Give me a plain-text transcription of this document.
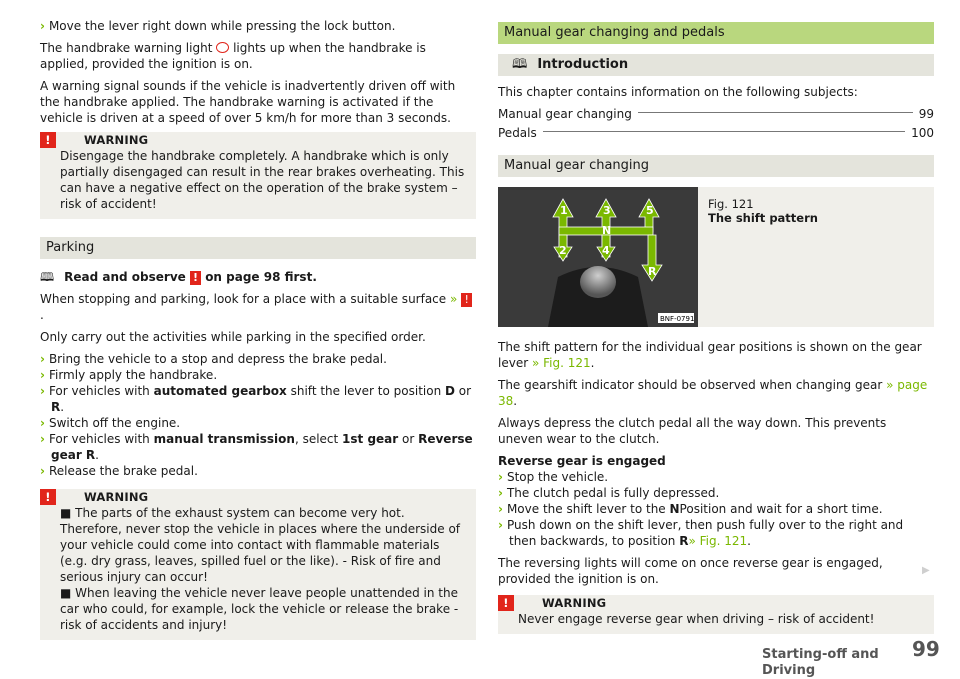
› Move the lever right down while pressing the lock button.

The handbrake warning light lights up when the handbrake is applied, provided the ignition is on.

A warning signal sounds if the vehicle is inadvertently driven off with the handbrake applied. The handbrake warning is activated if the vehicle is driven at a speed of over 5 km/h for more than 3 seconds.

!	WARNING
Disengage the handbrake completely. A handbrake which is only partially disengaged can result in the rear brakes overheating. This can have a negative effect on the operation of the brake system – risk of accident!
Parking

🕮 Read and observe ! on page 98 first.

When stopping and parking, look for a place with a suitable surface » ! .

Only carry out the activities while parking in the specified order.

› Bring the vehicle to a stop and depress the brake pedal.
› Firmly apply the handbrake.
› For vehicles with automated gearbox shift the lever to position D or R.
› Switch off the engine.
› For vehicles with manual transmission, select 1st gear or Reverse gear R.
› Release the brake pedal.
!	WARNING
■ The parts of the exhaust system can become very hot. Therefore, never stop the vehicle in places where the underside of your vehicle could come into contact with flammable materials (e.g. dry grass, leaves, spilled fuel or the like). - Risk of fire and serious injury can occur!
■ When leaving the vehicle never leave people unattended in the car who could, for example, lock the vehicle or release the brake - risk of accidents and injury!
Manual gear changing and pedals
🕮 Introduction

This chapter contains information on the following subjects:

Manual gear changing	99
Pedals	100
Manual gear changing
1	3	5
N
2	4
R
BNF-0791
Fig. 121
The shift pattern

The shift pattern for the individual gear positions is shown on the gear lever » Fig. 121.

The gearshift indicator should be observed when changing gear » page 38.

Always depress the clutch pedal all the way down. This prevents uneven wear to the clutch.

Reverse gear is engaged
› Stop the vehicle.
› The clutch pedal is fully depressed.
› Move the shift lever to the NPosition and wait for a short time.
› Push down on the shift lever, then push fully over to the right and then backwards, to position R» Fig. 121.

The reversing lights will come on once reverse gear is engaged, provided the ignition is on.

!	WARNING
Never engage reverse gear when driving – risk of accident!
▶
Starting-off and Driving
99
